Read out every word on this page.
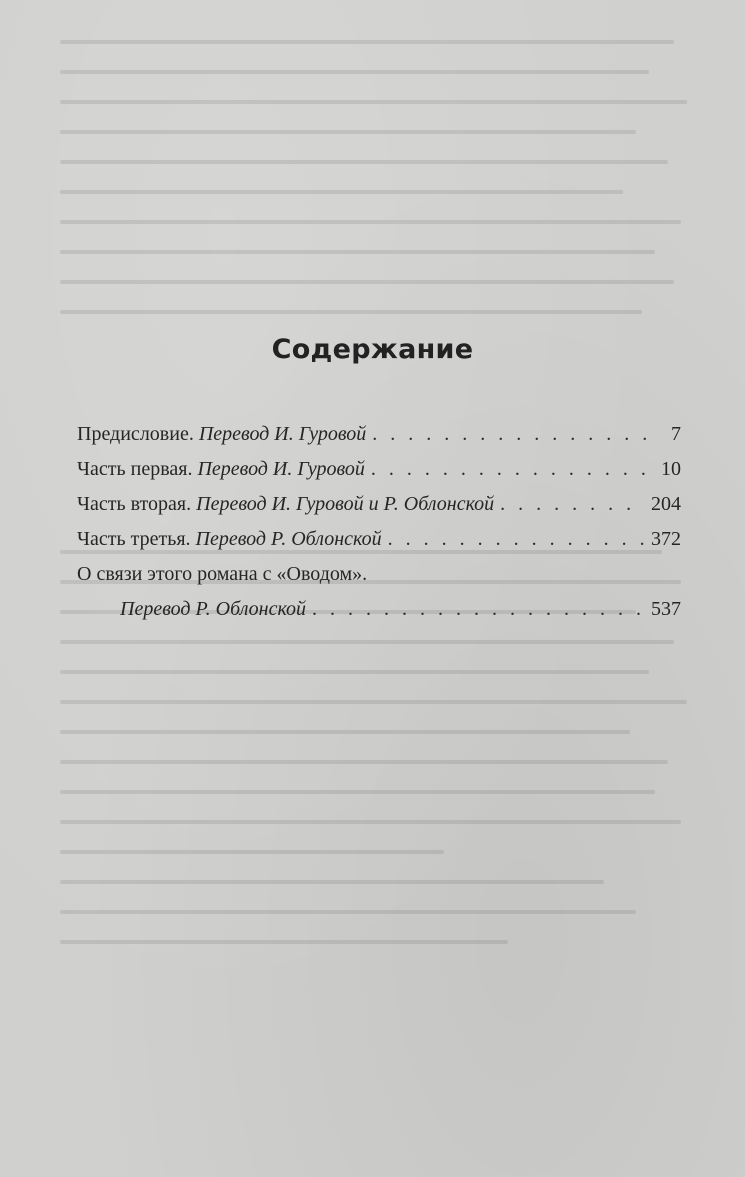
Содержание
Предисловие. Перевод И. Гуровой . . .	7
Часть первая. Перевод И. Гуровой . . .	10
Часть вторая. Перевод И. Гуровой и Р. Облонской . . .	204
Часть третья. Перевод Р. Облонской . . .	372
О связи этого романа с «Оводом».
Перевод Р. Облонской . . .	537
